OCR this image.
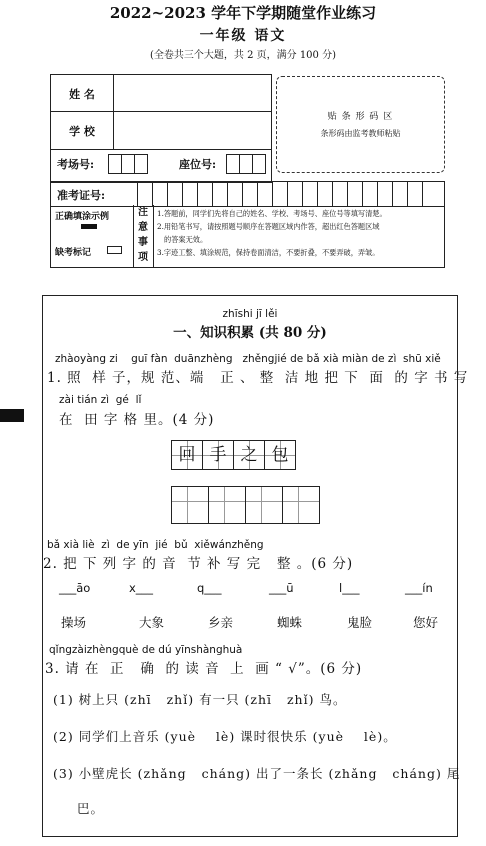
2022~2023 学年下学期随堂作业练习
一年级 语文
(全卷共三个大题，共 2 页，满分 100 分)
姓 名
学 校
考场号:	座位号:
贴 条 形 码 区
条形码由监考教师粘贴
准考证号:
正确填涂示例
缺考标记
注
意
事
项
1.答题前，同学们先将自己的姓名、学校、考场号、座位号等填写清楚。
2.用铅笔书写，请按照题号顺序在答题区域内作答，超出红色答题区域
的答案无效。
3.字迹工整、填涂规范，保持卷面清洁，不要折叠，不要弄破，弄皱。
zhīshi jī lěi
一、知识积累 (共 80 分)
zhàoyàng zi    guī fàn  duānzhèng   zhěngjié de bǎ xià miàn de zì  shū xiě
1. 照  样 子，规 范、端   正 、 整  洁 地 把 下  面  的 字 书 写
zài tián zì  gé  lǐ
在  田 字 格 里。(4 分)
回 手 之 包
bǎ xià liè  zì  de yīn  jié  bǔ  xiěwánzhěng
2. 把 下 列 字 的 音  节 补 写 完   整 。(6 分)
___āo	x___	q___	___ū	l___	___ín
操场	大象	乡亲	蜘蛛	鬼脸	您好
qǐngzàizhèngquè de dú yīnshànghuà
3. 请 在  正   确  的 读 音  上  画 “ √”。(6 分)
(1) 树上只 (zhī   zhǐ) 有一只 (zhī   zhǐ) 鸟。
(2) 同学们上音乐 (yuè    lè) 课时很快乐 (yuè    lè)。
(3) 小壁虎长 (zhǎng   cháng) 出了一条长 (zhǎng   cháng) 尾
巴。
